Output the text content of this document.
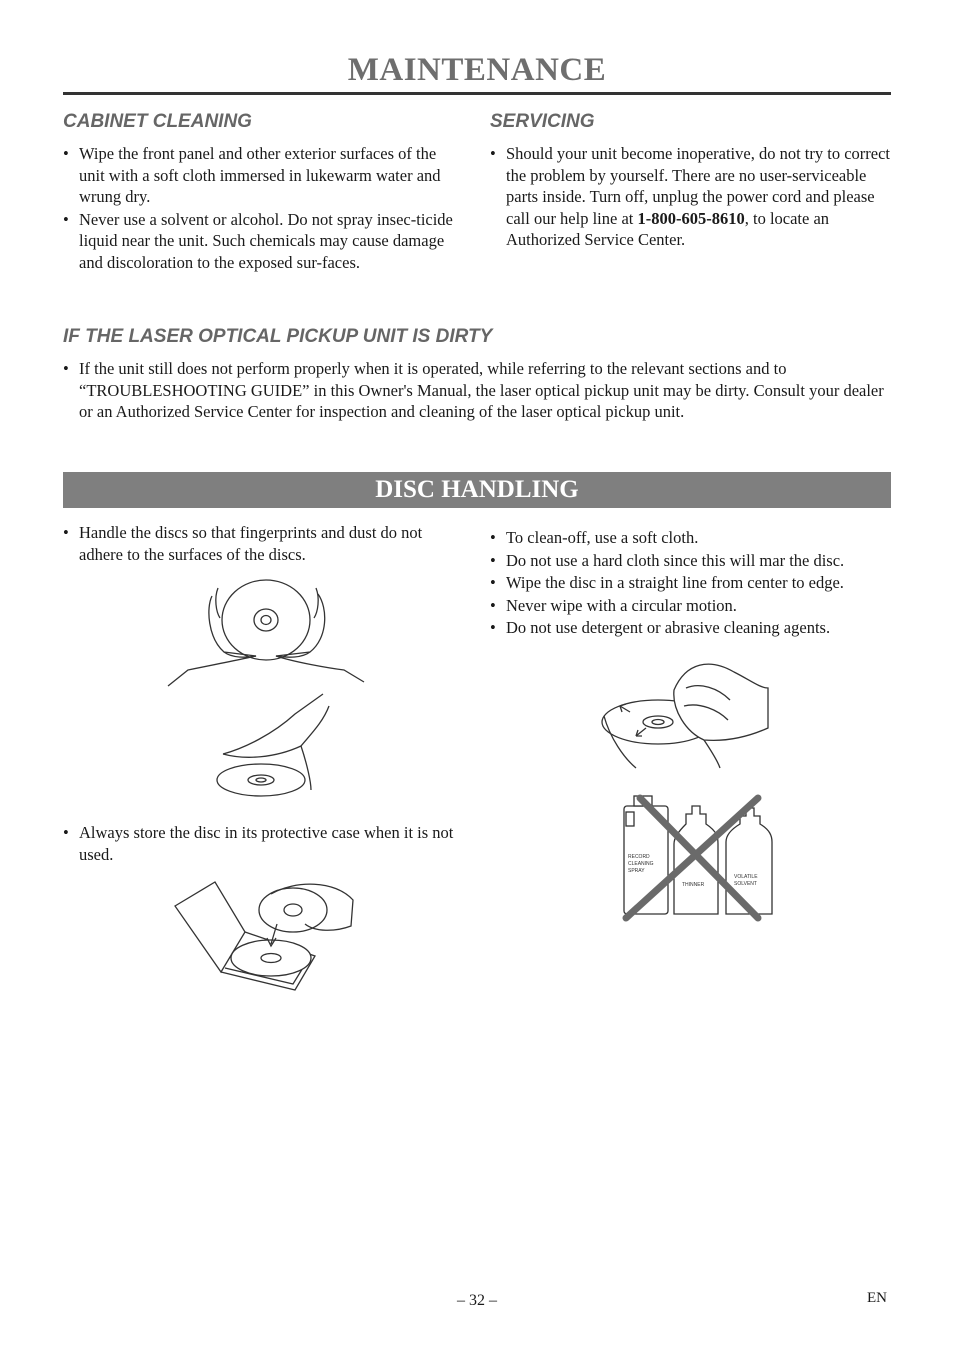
MAINTENANCE
CABINET CLEANING
• Wipe the front panel and other exterior surfaces of the unit with a soft cloth immersed in lukewarm water and wrung dry.
• Never use a solvent or alcohol. Do not spray insec-ticide liquid near the unit. Such chemicals may cause damage and discoloration to the exposed sur-faces.
SERVICING
• Should your unit become inoperative, do not try to correct the problem by yourself. There are no user-serviceable parts inside. Turn off, unplug the power cord and please call our help line at 1-800-605-8610, to locate an Authorized Service Center.
IF THE LASER OPTICAL PICKUP UNIT IS DIRTY
• If the unit still does not perform properly when it is operated, while referring to the relevant sections and to “TROUBLESHOOTING GUIDE” in this Owner's Manual, the laser optical pickup unit may be dirty. Consult your dealer or an Authorized Service Center for inspection and cleaning of the laser optical pickup unit.
DISC HANDLING
• Handle the discs so that fingerprints and dust do not adhere to the surfaces of the discs.
• Always store the disc in its protective case when it is not used.
• To clean-off, use a soft cloth.
• Do not use a hard cloth since this will mar the disc.
• Wipe the disc in a straight line from center to edge.
• Never wipe with a circular motion.
• Do not use detergent or abrasive cleaning agents.
RECORD
CLEANING
SPRAY
THINNER
VOLATILE
SOLVENT
– 32 –	EN
